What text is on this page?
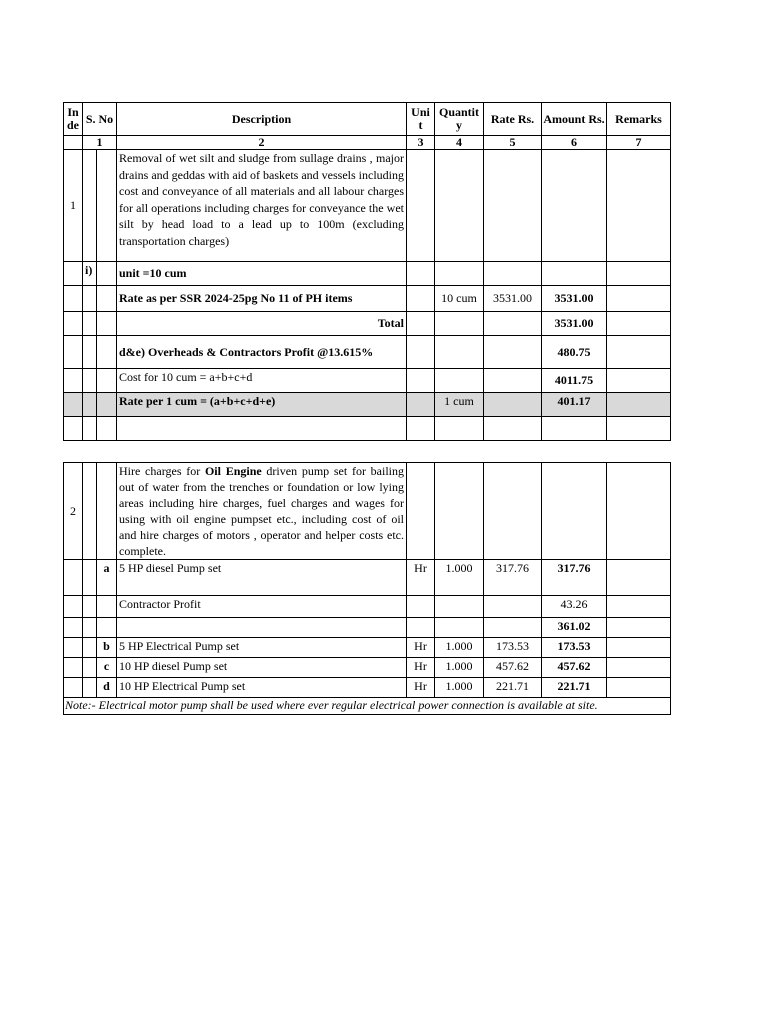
In de	S. No		Description	Uni t	Quantit y	Rate Rs.	Amount Rs.	Remarks
	1		2	3	4	5	6	7
1			Removal of wet silt and sludge from sullage drains , major drains and geddas with aid of baskets and vessels including cost and conveyance of all materials and all labour charges for all operations including charges for conveyance the wet silt by head load to a lead up to 100m (excluding transportation charges)					
	i)		unit =10 cum					
			Rate as per SSR 2024-25pg No 11 of PH items		10 cum	3531.00	3531.00	
			Total				3531.00	
			d&e) Overheads & Contractors Profit @13.615%				480.75	
			Cost for 10 cum = a+b+c+d				4011.75	
			Rate per 1 cum = (a+b+c+d+e)		1 cum		401.17	

2			Hire charges for Oil Engine driven pump set for bailing out of water from the trenches or foundation or low lying areas including hire charges, fuel charges and wages for using with oil engine pumpset etc., including cost of oil and hire charges of motors , operator and helper costs etc. complete.					
		a	5 HP diesel Pump set	Hr	1.000	317.76	317.76	
			Contractor Profit				43.26	
							361.02	
		b	5 HP Electrical Pump set	Hr	1.000	173.53	173.53	
		c	10 HP diesel Pump set	Hr	1.000	457.62	457.62	
		d	10 HP Electrical Pump set	Hr	1.000	221.71	221.71	
Note:- Electrical motor pump shall be used where ever regular electrical power connection is available at site.								
